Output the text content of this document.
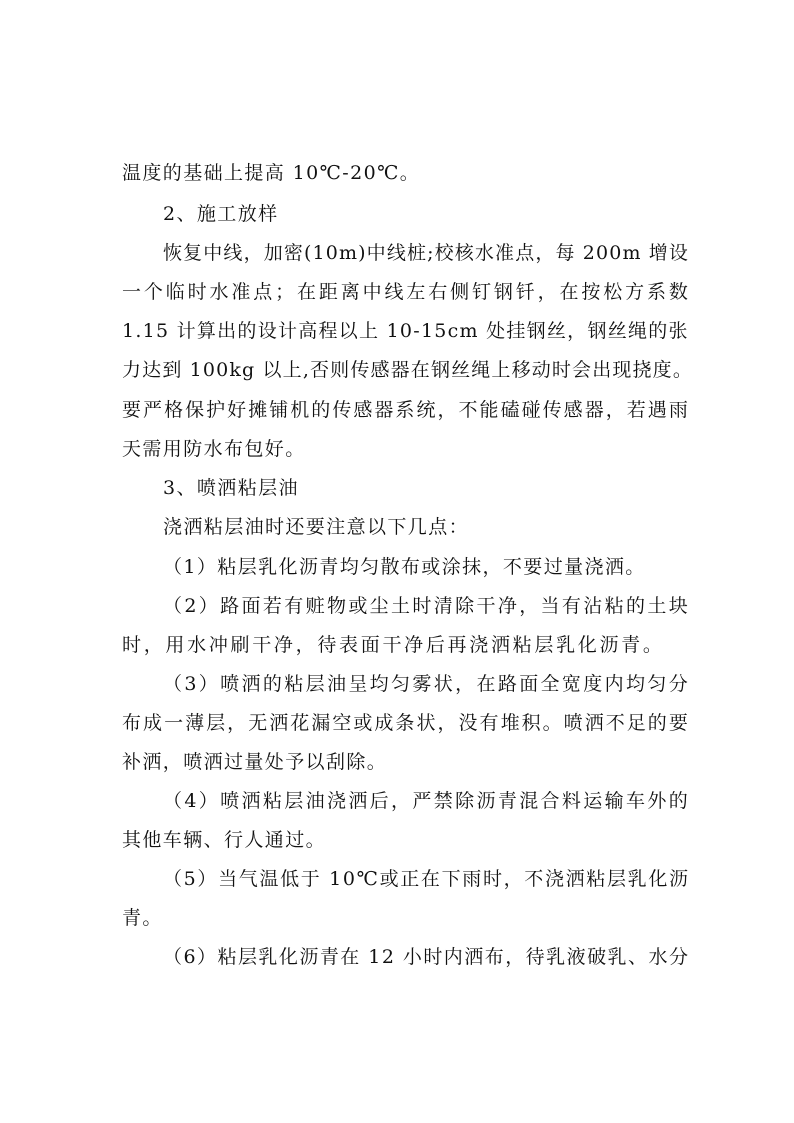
温度的基础上提高 10℃-20℃。
2、施工放样
恢 复 中 线 ， 加 密 ( 1 0 m ) 中 线 桩 ; 校 核 水 准 点 ， 每
2 0 0 m
增 设
一 个 临 时 水 准 点 ； 在 距 离 中 线 左 右 侧 钉 钢 钎 ， 在 按 松 方 系 数
1 . 1 5
计 算 出 的 设 计 高 程 以 上
1 0 - 1 5 c m
处 挂 钢 丝 ， 钢 丝 绳 的 张
力 达 到
1 0 0 k g
以 上 , 否 则 传 感 器 在 钢 丝 绳 上 移 动 时 会 出 现 挠 度 。
要 严 格 保 护 好 摊 铺 机 的 传 感 器 系 统 ， 不 能 磕 碰 传 感 器 ， 若 遇 雨
天需用防水布包好。
3、喷洒粘层油
浇洒粘层油时还要注意以下几点：
（1）粘层乳化沥青均匀散布或涂抹，不要过量浇洒。
（ 2 ） 路 面 若 有 赃 物 或 尘 土 时 清 除 干 净 ， 当 有 沾 粘 的 土 块
时 ， 用 水 冲 刷 干 净 ， 待 表 面 干 净 后 再 浇 洒 粘 层 乳 化 沥 青 。
（ 3 ） 喷 洒 的 粘 层 油 呈 均 匀 雾 状 ， 在 路 面 全 宽 度 内 均 匀 分
布 成 一 薄 层 ， 无 洒 花 漏 空 或 成 条 状 ， 没 有 堆 积 。 喷 洒 不 足 的 要
补洒，喷洒过量处予以刮除。
（ 4 ） 喷 洒 粘 层 油 浇 洒 后 ， 严 禁 除 沥 青 混 合 料 运 输 车 外 的
其他车辆、行人通过。
（ 5 ） 当 气 温 低 于
1 0 ℃ 或 正 在 下 雨 时 ， 不 浇 洒 粘 层 乳 化 沥
青。
（ 6 ） 粘 层 乳 化 沥 青 在
1 2
小 时 内 洒 布 ， 待 乳 液 破 乳 、 水 分
